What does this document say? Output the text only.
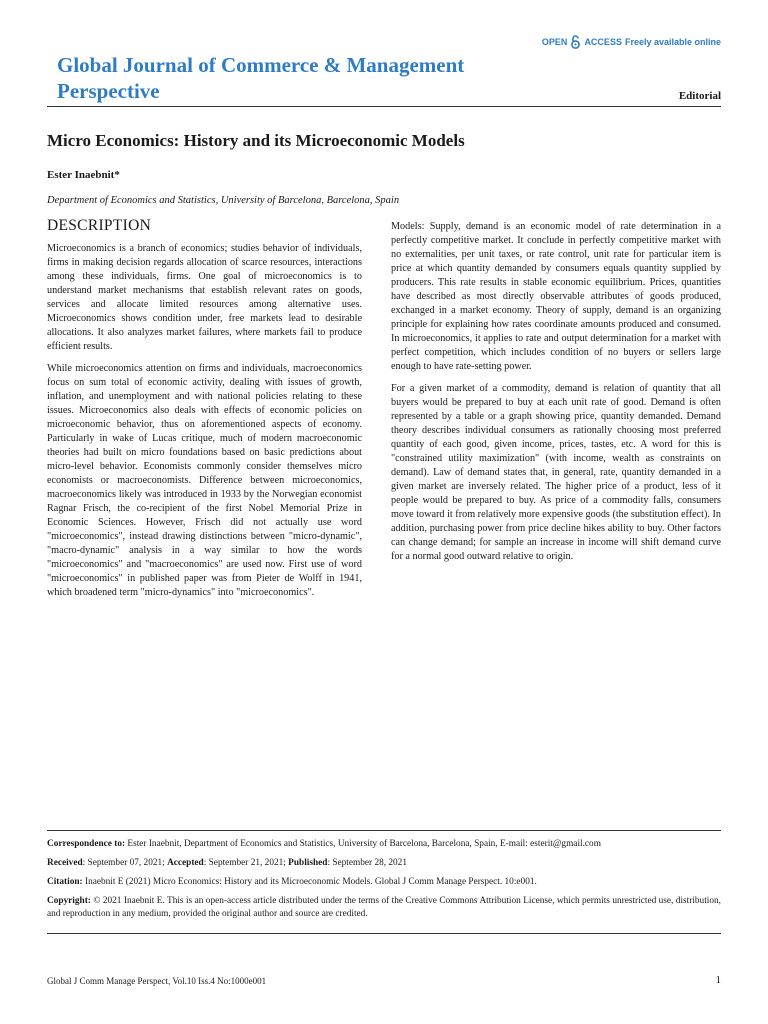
OPEN ACCESS Freely available online
Global Journal of Commerce & Management Perspective	Editorial
Micro Economics: History and its Microeconomic Models
Ester Inaebnit*
Department of Economics and Statistics, University of Barcelona, Barcelona, Spain
DESCRIPTION

Microeconomics is a branch of economics; studies behavior of individuals, firms in making decision regards allocation of scarce resources, interactions among these individuals, firms. One goal of microeconomics is to understand market mechanisms that establish relevant rates on goods, services and allocate limited resources among alternative uses. Microeconomics shows condition under, free markets lead to desirable allocations. It also analyzes market failures, where markets fail to produce efficient results.

While microeconomics attention on firms and individuals, macroeconomics focus on sum total of economic activity, dealing with issues of growth, inflation, and unemployment and with national policies relating to these issues. Microeconomics also deals with effects of economic policies on microeconomic behavior, thus on aforementioned aspects of economy. Particularly in wake of Lucas critique, much of modern macroeconomic theories had built on micro foundations based on basic predictions about micro-level behavior. Economists commonly consider themselves micro economists or macroeconomists. Difference between microeconomics, macroeconomics likely was introduced in 1933 by the Norwegian economist Ragnar Frisch, the co-recipient of the first Nobel Memorial Prize in Economic Sciences. However, Frisch did not actually use word "microeconomics", instead drawing distinctions between "micro-dynamic", "macro-dynamic" analysis in a way similar to how the words "microeconomics" and "macroeconomics" are used now. First use of word "microeconomics" in published paper was from Pieter de Wolff in 1941, which broadened term "micro-dynamics" into "microeconomics".

Models: Supply, demand is an economic model of rate determination in a perfectly competitive market. It conclude in perfectly competitive market with no externalities, per unit taxes, or rate control, unit rate for particular item is price at which quantity demanded by consumers equals quantity supplied by producers. This rate results in stable economic equilibrium. Prices, quantities have described as most directly observable attributes of goods produced, exchanged in a market economy. Theory of supply, demand is an organizing principle for explaining how rates coordinate amounts produced and consumed. In microeconomics, it applies to rate and output determination for a market with perfect competition, which includes condition of no buyers or sellers large enough to have rate-setting power.

For a given market of a commodity, demand is relation of quantity that all buyers would be prepared to buy at each unit rate of good. Demand is often represented by a table or a graph showing price, quantity demanded. Demand theory describes individual consumers as rationally choosing most preferred quantity of each good, given income, prices, tastes, etc. A word for this is "constrained utility maximization" (with income, wealth as constraints on demand). Law of demand states that, in general, rate, quantity demanded in a given market are inversely related. The higher price of a product, less of it people would be prepared to buy. As price of a commodity falls, consumers move toward it from relatively more expensive goods (the substitution effect). In addition, purchasing power from price decline hikes ability to buy. Other factors can change demand; for sample an increase in income will shift demand curve for a normal good outward relative to origin.

Correspondence to: Ester Inaebnit, Department of Economics and Statistics, University of Barcelona, Barcelona, Spain, E-mail: esterit@gmail.com

Received: September 07, 2021; Accepted: September 21, 2021; Published: September 28, 2021

Citation: Inaebnit E (2021) Micro Economics: History and its Microeconomic Models. Global J Comm Manage Perspect. 10:e001.

Copyright: © 2021 Inaebnit E. This is an open-access article distributed under the terms of the Creative Commons Attribution License, which permits unrestricted use, distribution, and reproduction in any medium, provided the original author and source are credited.

Global J Comm Manage Perspect, Vol.10 Iss.4 No:1000e001	1
